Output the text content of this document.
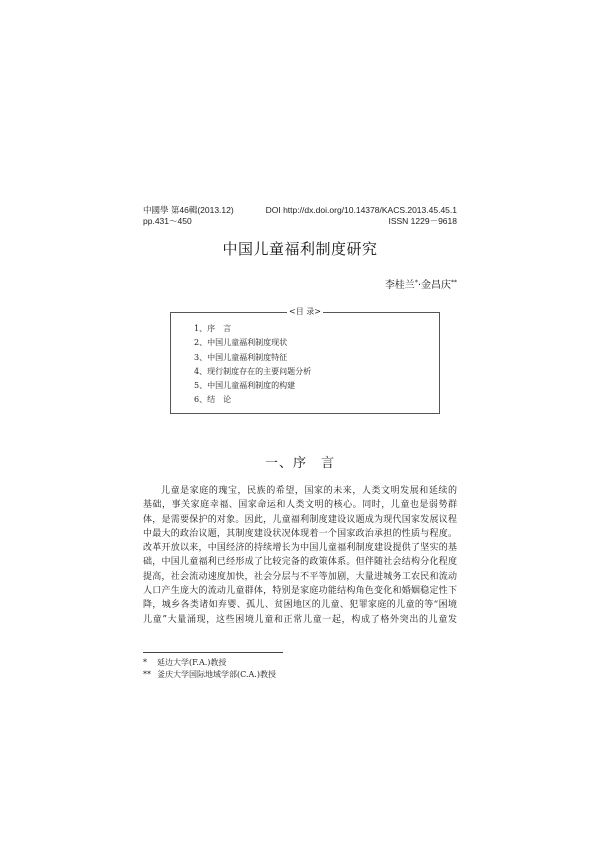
中國學 第46輯(2013.12)
pp.431～450
DOI http://dx.doi.org/10.14378/KACS.2013.45.45.1
ISSN 1229－9618
中国儿童福利制度研究
李桂兰*·金昌庆**
<目 录>
1、序　言
2、中国儿童福利制度现状
3、中国儿童福利制度特征
4、现行制度存在的主要问题分析
5、中国儿童福利制度的构建
6、结　论
一、序　言
儿童是家庭的瑰宝，民族的希望，国家的未来，人类文明发展和延续的
基础，事关家庭幸福、国家命运和人类文明的核心。同时，儿童也是弱势群
体，是需要保护的对象。因此，儿童福利制度建设议题成为现代国家发展议程
中最大的政治议题，其制度建设状况体现着一个国家政治承担的性质与程度。
改革开放以来，中国经济的持续增长为中国儿童福利制度建设提供了坚实的基
础，中国儿童福利已经形成了比较完备的政策体系。但伴随社会结构分化程度
提高，社会流动速度加快，社会分层与不平等加剧，大量进城务工农民和流动
人口产生庞大的流动儿童群体，特别是家庭功能结构角色变化和婚姻稳定性下
降，城乡各类诸如弃婴、孤儿、贫困地区的儿童、犯罪家庭的儿童的等“困境
儿童”大量涌现，这些困境儿童和正常儿童一起，构成了格外突出的儿童发
* 延边大学(F.A.)教授
** 釜庆大学国际地域学部(C.A.)教授
